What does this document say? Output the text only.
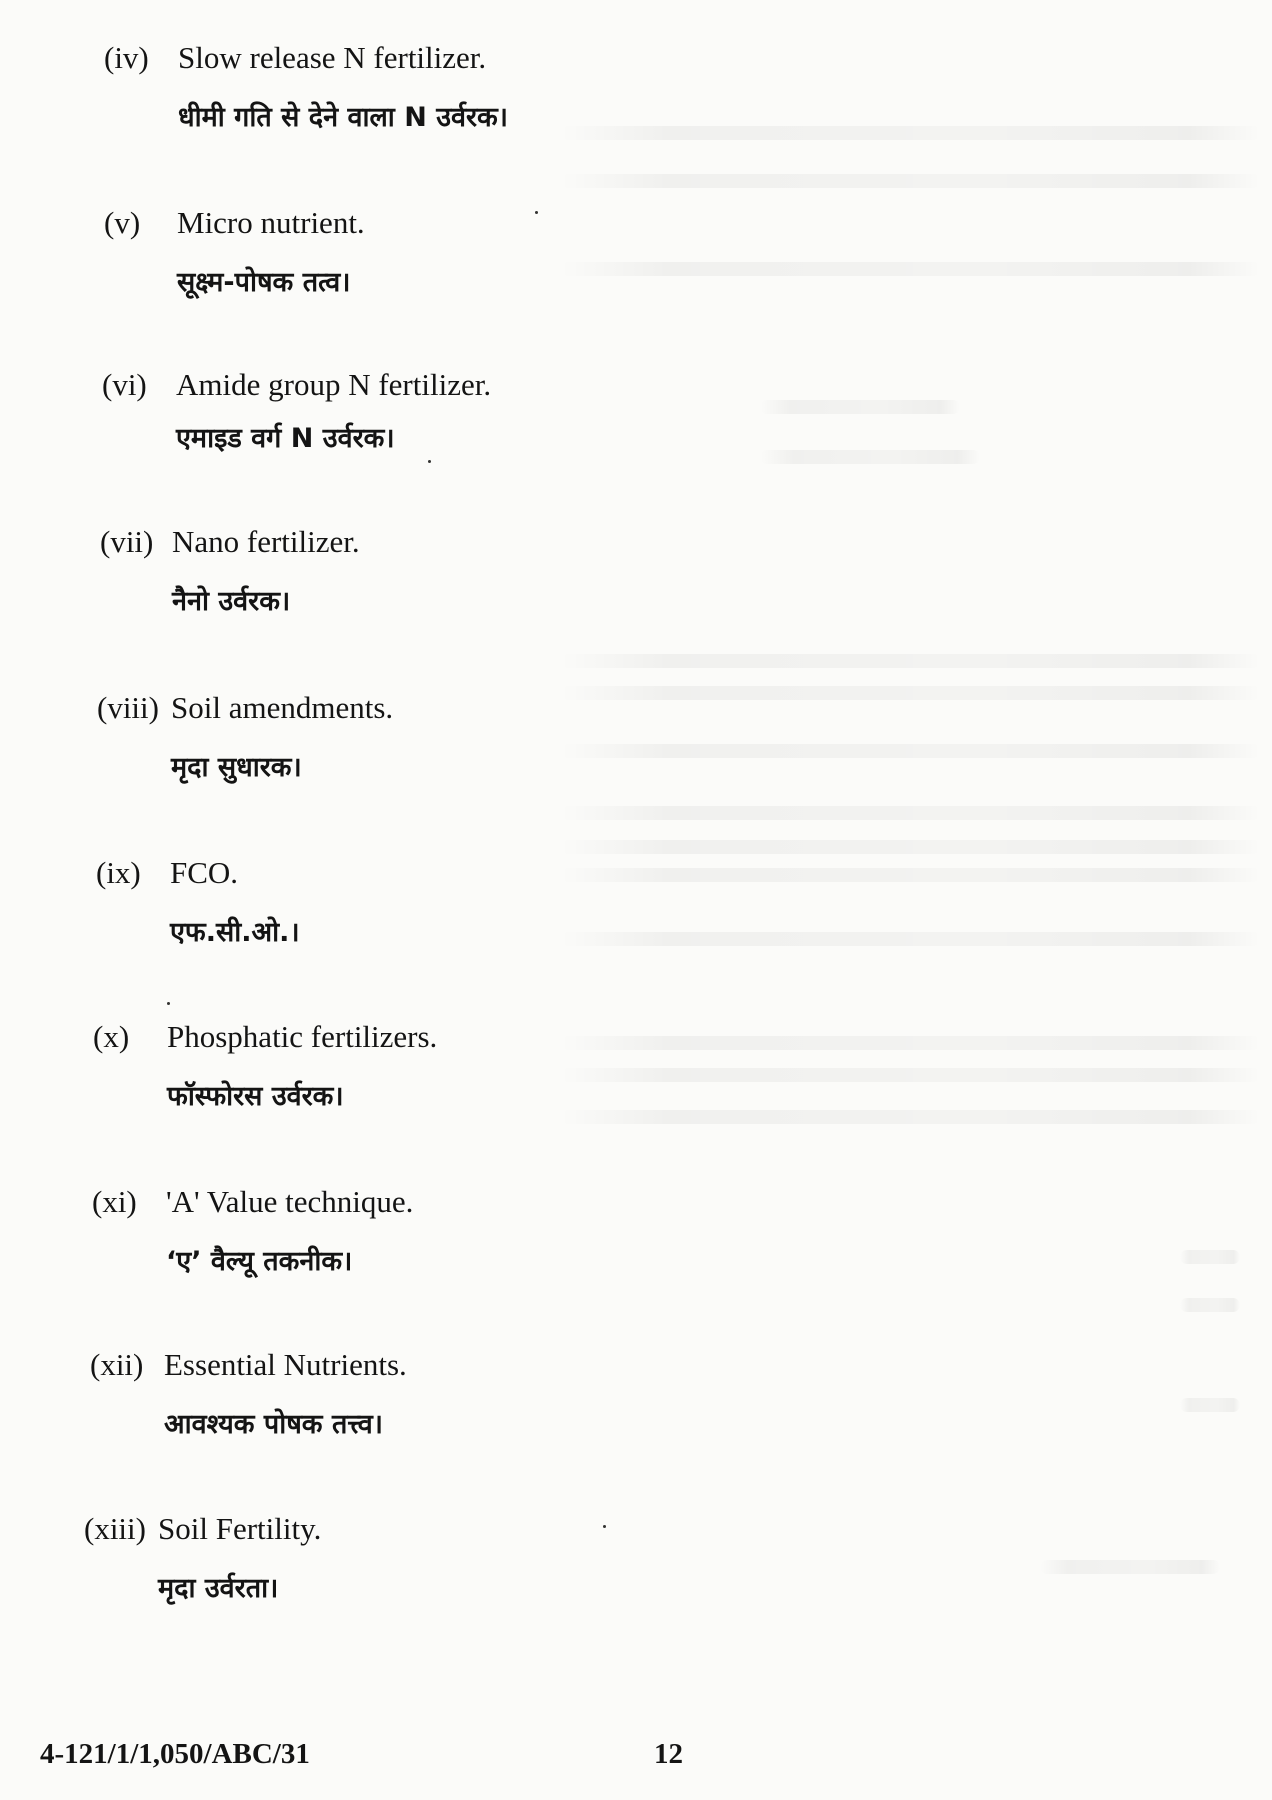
(iv) Slow release N fertilizer.
धीमी गति से देने वाला N उर्वरक।
(v) Micro nutrient.
सूक्ष्म-पोषक तत्व।
(vi) Amide group N fertilizer.
एमाइड वर्ग N उर्वरक।
(vii) Nano fertilizer.
नैनो उर्वरक।
(viii) Soil amendments.
मृदा सुधारक।
(ix) FCO.
एफ.सी.ओ.।
(x) Phosphatic fertilizers.
फॉस्फोरस उर्वरक।
(xi) 'A' Value technique.
‘ए’ वैल्यू तकनीक।
(xii) Essential Nutrients.
आवश्यक पोषक तत्त्व।
(xiii) Soil Fertility.
मृदा उर्वरता।
4-121/1/1,050/ABC/31	12
